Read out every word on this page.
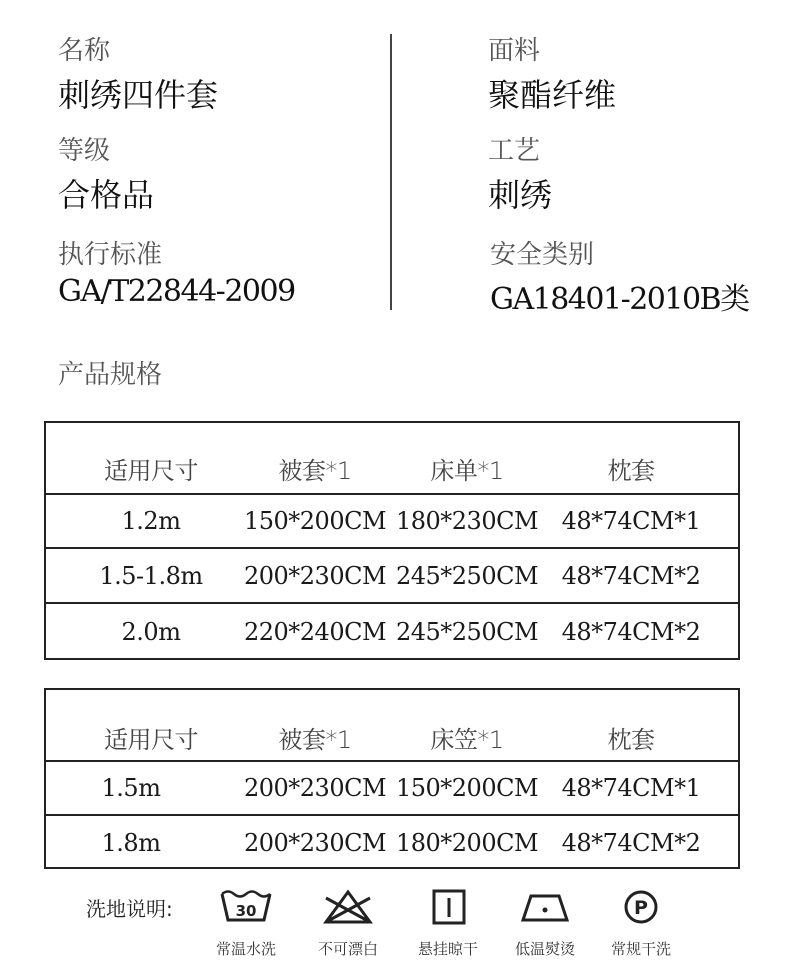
名称
刺绣四件套
等级
合格品
执行标准
GA/T22844-2009
面料
聚酯纤维
工艺
刺绣
安全类别
GA18401-2010B类
产品规格
适用尺寸	被套*1	床单*1	枕套
1.2m	150*200CM 180*230CM 48*74CM*1
1.5-1.8m	200*230CM 245*250CM 48*74CM*2
2.0m	220*240CM 245*250CM 48*74CM*2
适用尺寸	被套*1	床笠*1	枕套
1.5m	200*230CM 150*200CM 48*74CM*1
1.8m	200*230CM 180*200CM 48*74CM*2
洗地说明:	30
常温水洗	不可漂白	悬挂晾干	低温熨烫
P
常规干洗
